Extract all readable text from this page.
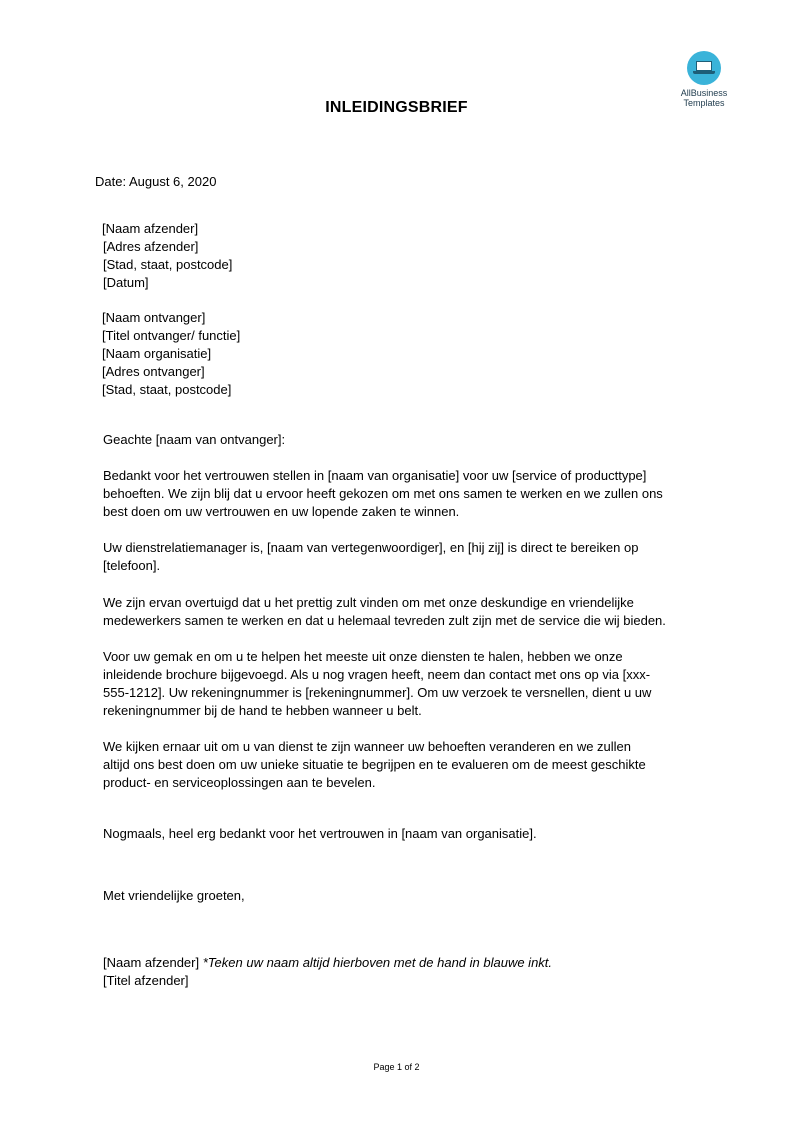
AllBusiness
Templates
INLEIDINGSBRIEF
Date: August 6, 2020
[Naam afzender]
[Adres afzender]
[Stad, staat, postcode]
[Datum]
[Naam ontvanger]
[Titel ontvanger/ functie]
[Naam organisatie]
[Adres ontvanger]
[Stad, staat, postcode]
Geachte [naam van ontvanger]:
Bedankt voor het vertrouwen stellen in [naam van organisatie] voor uw [service of producttype]
behoeften. We zijn blij dat u ervoor heeft gekozen om met ons samen te werken en we zullen ons
best doen om uw vertrouwen en uw lopende zaken te winnen.
Uw dienstrelatiemanager is, [naam van vertegenwoordiger], en [hij zij] is direct te bereiken op
[telefoon].
We zijn ervan overtuigd dat u het prettig zult vinden om met onze deskundige en vriendelijke
medewerkers samen te werken en dat u helemaal tevreden zult zijn met de service die wij bieden.
Voor uw gemak en om u te helpen het meeste uit onze diensten te halen, hebben we onze
inleidende brochure bijgevoegd. Als u nog vragen heeft, neem dan contact met ons op via [xxx-
555-1212]. Uw rekeningnummer is [rekeningnummer]. Om uw verzoek te versnellen, dient u uw
rekeningnummer bij de hand te hebben wanneer u belt.
We kijken ernaar uit om u van dienst te zijn wanneer uw behoeften veranderen en we zullen
altijd ons best doen om uw unieke situatie te begrijpen en te evalueren om de meest geschikte
product- en serviceoplossingen aan te bevelen.
Nogmaals, heel erg bedankt voor het vertrouwen in [naam van organisatie].
Met vriendelijke groeten,
[Naam afzender] *Teken uw naam altijd hierboven met de hand in blauwe inkt.
[Titel afzender]
Page 1 of 2
